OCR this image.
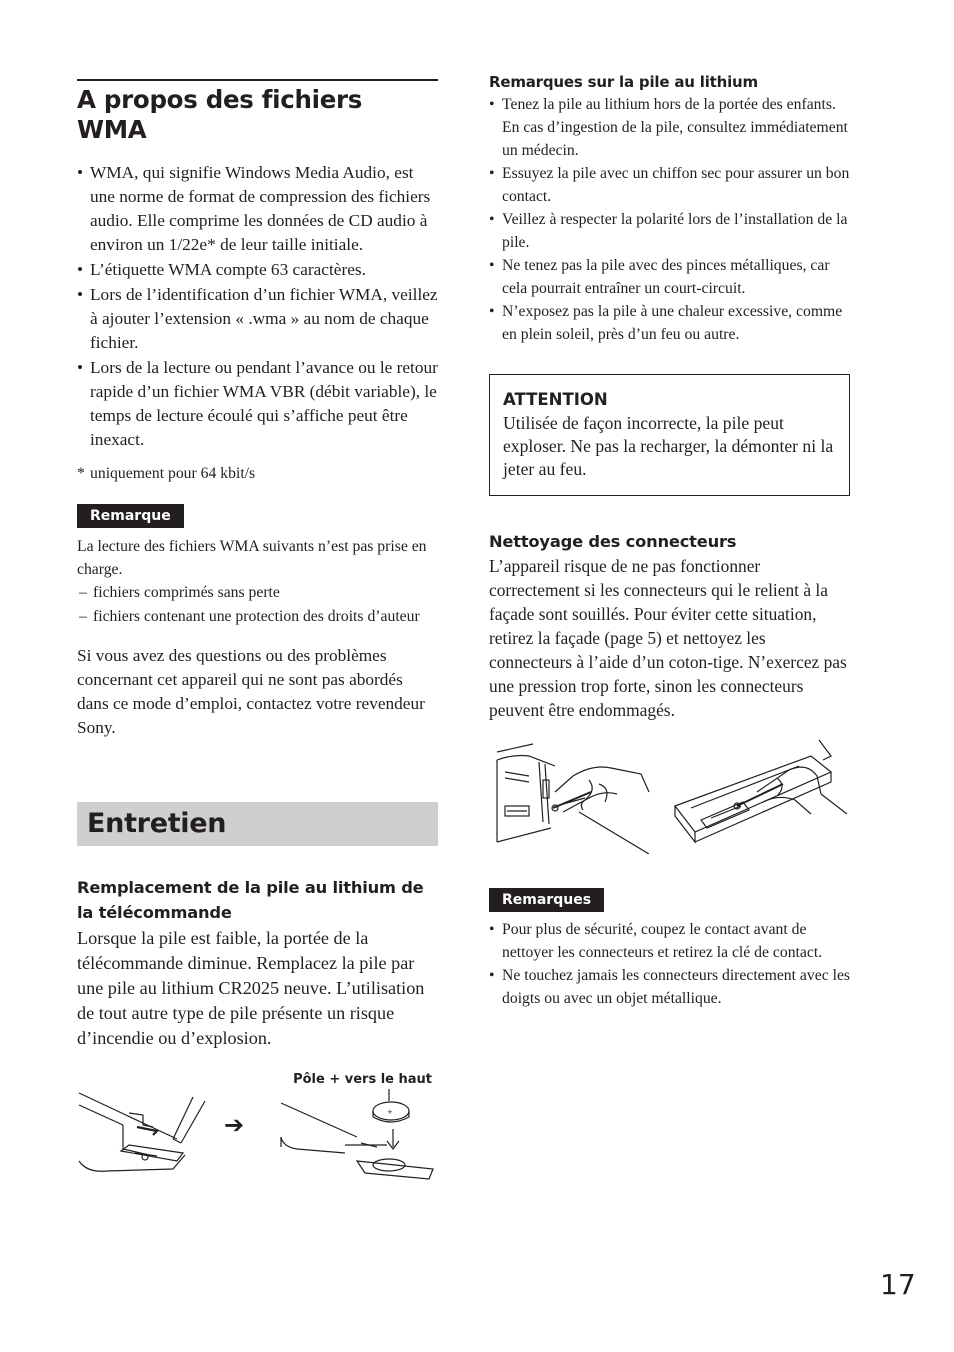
A propos des fichiers WMA
• WMA, qui signifie Windows Media Audio, est une norme de format de compression des fichiers audio. Elle comprime les données de CD audio à environ un 1/22e* de leur taille initiale.
• L’étiquette WMA compte 63 caractères.
• Lors de l’identification d’un fichier WMA, veillez à ajouter l’extension « .wma » au nom de chaque fichier.
• Lors de la lecture ou pendant l’avance ou le retour rapide d’un fichier WMA VBR (débit variable), le temps de lecture écoulé qui s’affiche peut être inexact.
* uniquement pour 64 kbit/s
Remarque

La lecture des fichiers WMA suivants n’est pas prise en charge.

– fichiers comprimés sans perte
– fichiers contenant une protection des droits d’auteur

Si vous avez des questions ou des problèmes concernant cet appareil qui ne sont pas abordés dans ce mode d’emploi, contactez votre revendeur Sony.

Entretien
Remplacement de la pile au lithium de la télécommande

Lorsque la pile est faible, la portée de la télécommande diminue. Remplacez la pile par une pile au lithium CR2025 neuve. L’utilisation de tout autre type de pile présente un risque d’incendie ou d’explosion.

Pôle + vers le haut
➔	+
Remarques sur la pile au lithium
• Tenez la pile au lithium hors de la portée des enfants. En cas d’ingestion de la pile, consultez immédiatement un médecin.
• Essuyez la pile avec un chiffon sec pour assurer un bon contact.
• Veillez à respecter la polarité lors de l’installation de la pile.
• Ne tenez pas la pile avec des pinces métalliques, car cela pourrait entraîner un court-circuit.
• N’exposez pas la pile à une chaleur excessive, comme en plein soleil, près d’un feu ou autre.
ATTENTION

Utilisée de façon incorrecte, la pile peut exploser. Ne pas la recharger, la démonter ni la jeter au feu.

Nettoyage des connecteurs

L’appareil risque de ne pas fonctionner correctement si les connecteurs qui le relient à la façade sont souillés. Pour éviter cette situation, retirez la façade (page 5) et nettoyez les connecteurs à l’aide d’un coton-tige. N’exercez pas une pression trop forte, sinon les connecteurs peuvent être endommagés.

Remarques
• Pour plus de sécurité, coupez le contact avant de nettoyer les connecteurs et retirez la clé de contact.
• Ne touchez jamais les connecteurs directement avec les doigts ou avec un objet métallique.
17
